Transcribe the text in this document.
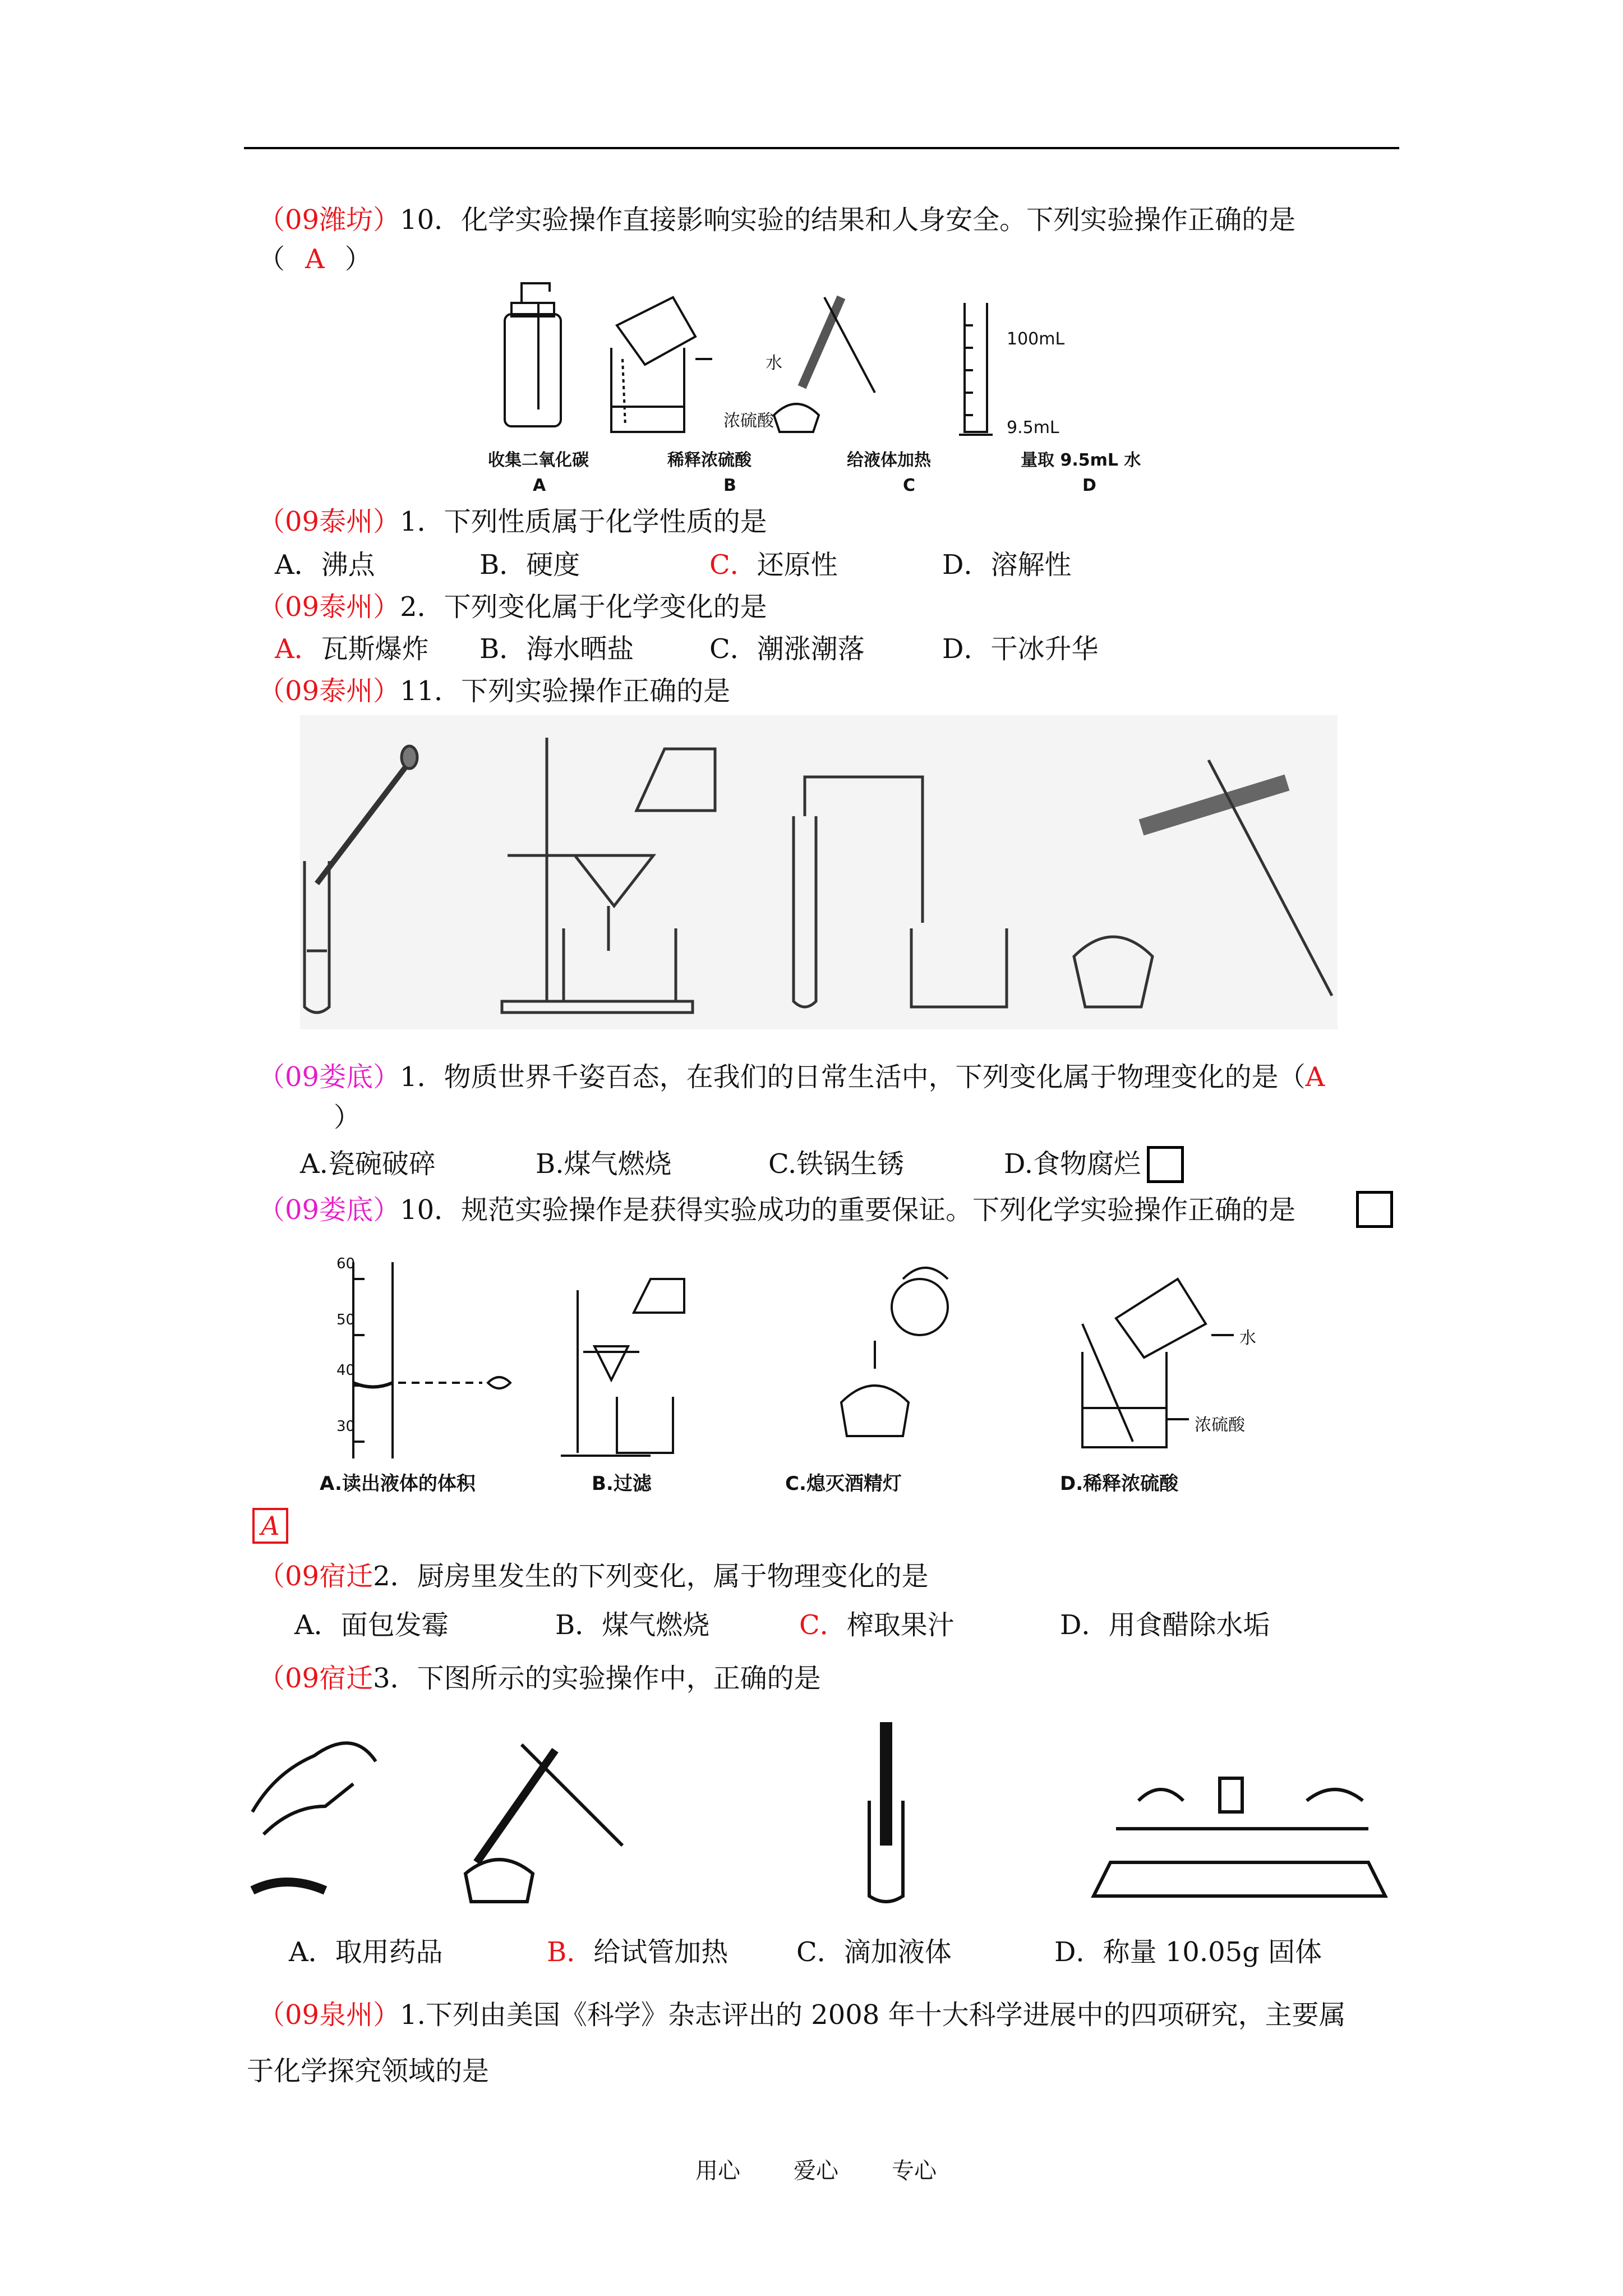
（09潍坊）10．化学实验操作直接影响实验的结果和人身安全。下列实验操作正确的是
（ A ）
水
浓硫酸
100mL
9.5mL
收集二氧化碳	稀释浓硫酸	给液体加热	量取 9.5mL 水
A	B	C	D
（09泰州）1．下列性质属于化学性质的是
A．沸点	B．硬度	C．还原性	D．溶解性
（09泰州）2．下列变化属于化学变化的是
A．瓦斯爆炸 B．海水晒盐	C．潮涨潮落	D．干冰升华
（09泰州）11．下列实验操作正确的是
（09娄底）1．物质世界千姿百态，在我们的日常生活中，下列变化属于物理变化的是（A
）
A.瓷碗破碎	B.煤气燃烧	C.铁锅生锈	D.食物腐烂
（09娄底）10．规范实验操作是获得实验成功的重要保证。下列化学实验操作正确的是
60
50
40
30
水
浓硫酸
A.读出液体的体积	B.过滤	C.熄灭酒精灯	D.稀释浓硫酸
A
（09宿迁2．厨房里发生的下列变化，属于物理变化的是
A．面包发霉	B．煤气燃烧	C．榨取果汁	D．用食醋除水垢
（09宿迁3．下图所示的实验操作中，正确的是
A．取用药品	B．给试管加热	C．滴加液体	D．称量 10.05g 固体
（09泉州）1.下列由美国《科学》杂志评出的 2008 年十大科学进展中的四项研究，主要属
于化学探究领域的是
用心 爱心 专心
